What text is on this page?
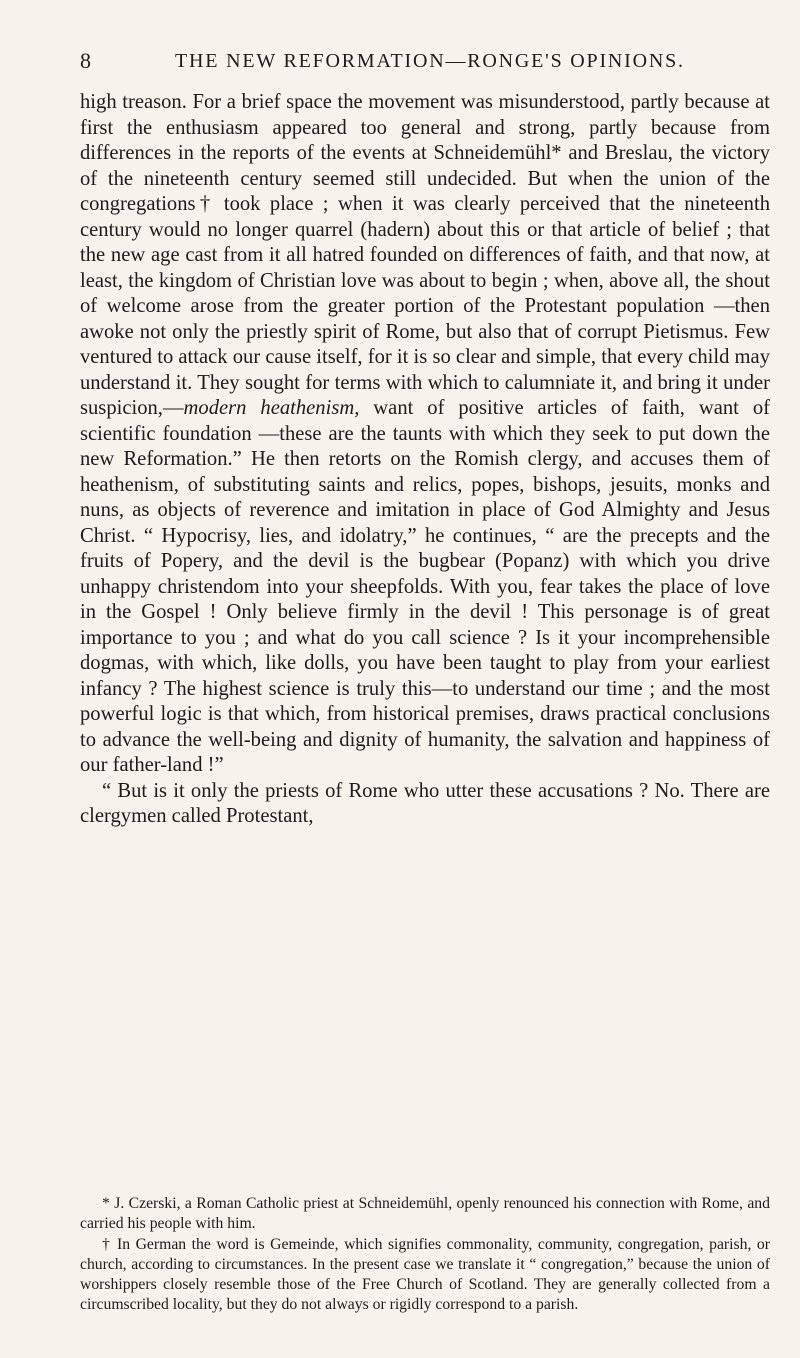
8	THE NEW REFORMATION—RONGE'S OPINIONS.

high treason. For a brief space the movement was misunderstood, partly because at first the enthusiasm appeared too general and strong, partly because from differences in the reports of the events at Schneidemühl* and Breslau, the victory of the nineteenth century seemed still undecided. But when the union of the congregations† took place ; when it was clearly perceived that the nineteenth century would no longer quarrel (hadern) about this or that article of belief ; that the new age cast from it all hatred founded on differences of faith, and that now, at least, the kingdom of Christian love was about to begin ; when, above all, the shout of welcome arose from the greater portion of the Protestant population —then awoke not only the priestly spirit of Rome, but also that of corrupt Pietismus. Few ventured to attack our cause itself, for it is so clear and simple, that every child may understand it. They sought for terms with which to calumniate it, and bring it under suspicion,—modern heathenism, want of positive articles of faith, want of scientific foundation —these are the taunts with which they seek to put down the new Reformation.” He then retorts on the Romish clergy, and accuses them of heathenism, of substituting saints and relics, popes, bishops, jesuits, monks and nuns, as objects of reverence and imitation in place of God Almighty and Jesus Christ. “ Hypocrisy, lies, and idolatry,” he continues, “ are the precepts and the fruits of Popery, and the devil is the bugbear (Popanz) with which you drive unhappy christendom into your sheepfolds. With you, fear takes the place of love in the Gospel ! Only believe firmly in the devil ! This personage is of great importance to you ; and what do you call science ? Is it your incomprehensible dogmas, with which, like dolls, you have been taught to play from your earliest infancy ? The highest science is truly this—to understand our time ; and the most powerful logic is that which, from historical premises, draws practical conclusions to advance the well-being and dignity of humanity, the salvation and happiness of our father-land !”

“ But is it only the priests of Rome who utter these accusations ? No. There are clergymen called Protestant,

* J. Czerski, a Roman Catholic priest at Schneidemühl, openly renounced his connection with Rome, and carried his people with him.

† In German the word is Gemeinde, which signifies commonality, community, congregation, parish, or church, according to circumstances. In the present case we translate it “ congregation,” because the union of worshippers closely resemble those of the Free Church of Scotland. They are generally collected from a circumscribed locality, but they do not always or rigidly correspond to a parish.
